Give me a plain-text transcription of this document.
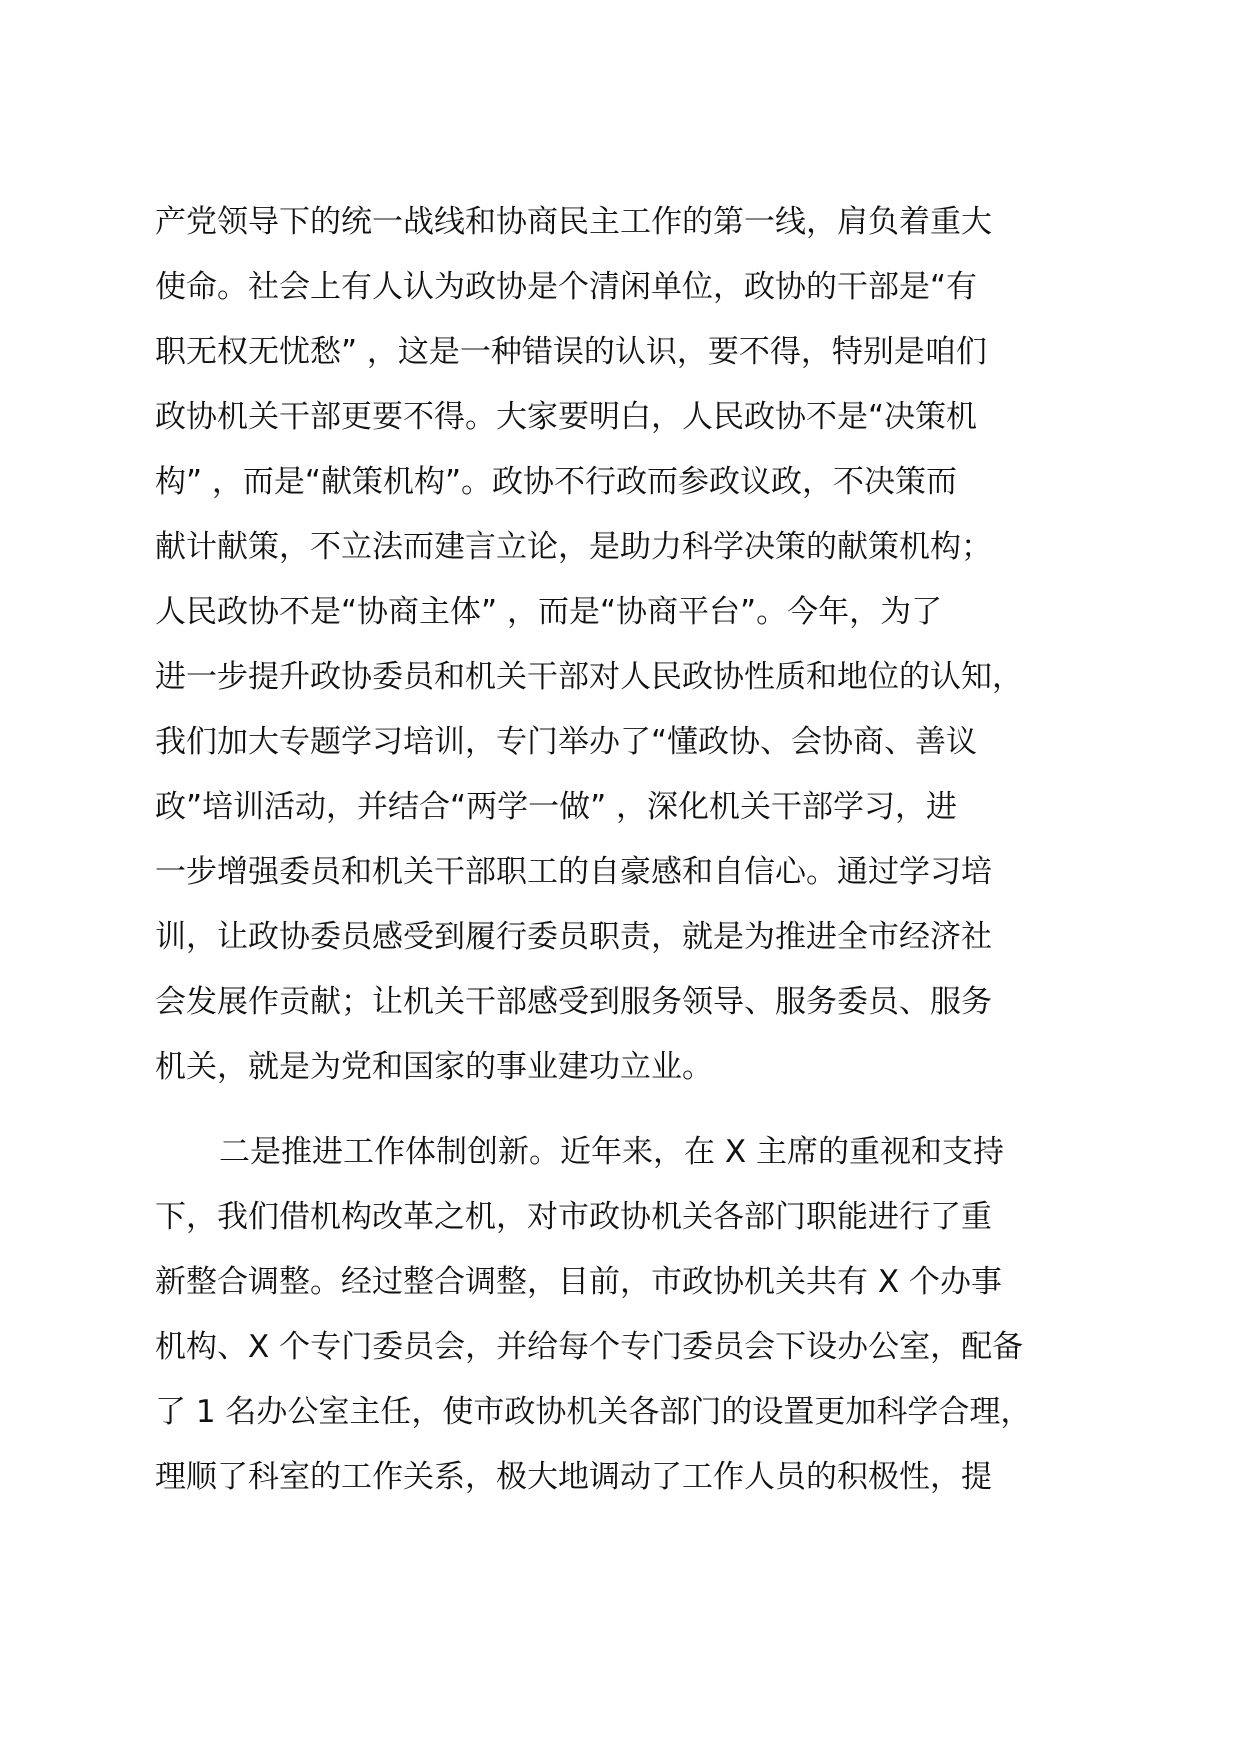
产党领导下的统一战线和协商民主工作的第一线，肩负着重大
使命。社会上有人认为政协是个清闲单位，政协的干部是“有
职无权无忧愁” ，这是一种错误的认识，要不得，特别是咱们
政协机关干部更要不得。大家要明白，人民政协不是“决策机
构” ，而是“献策机构”。政协不行政而参政议政，不决策而
献计献策，不立法而建言立论，是助力科学决策的献策机构；
人民政协不是“协商主体” ，而是“协商平台”。今年，为了
进一步提升政协委员和机关干部对人民政协性质和地位的认知，
我们加大专题学习培训，专门举办了“懂政协、会协商、善议
政”培训活动，并结合“两学一做” ，深化机关干部学习，进
一步增强委员和机关干部职工的自豪感和自信心。通过学习培
训，让政协委员感受到履行委员职责，就是为推进全市经济社
会发展作贡献；让机关干部感受到服务领导、服务委员、服务
机关，就是为党和国家的事业建功立业。
二是推进工作体制创新。近年来，在 X 主席的重视和支持
下，我们借机构改革之机，对市政协机关各部门职能进行了重
新整合调整。经过整合调整，目前，市政协机关共有 X 个办事
机构、X 个专门委员会，并给每个专门委员会下设办公室，配备
了 1 名办公室主任，使市政协机关各部门的设置更加科学合理，
理顺了科室的工作关系，极大地调动了工作人员的积极性，提
